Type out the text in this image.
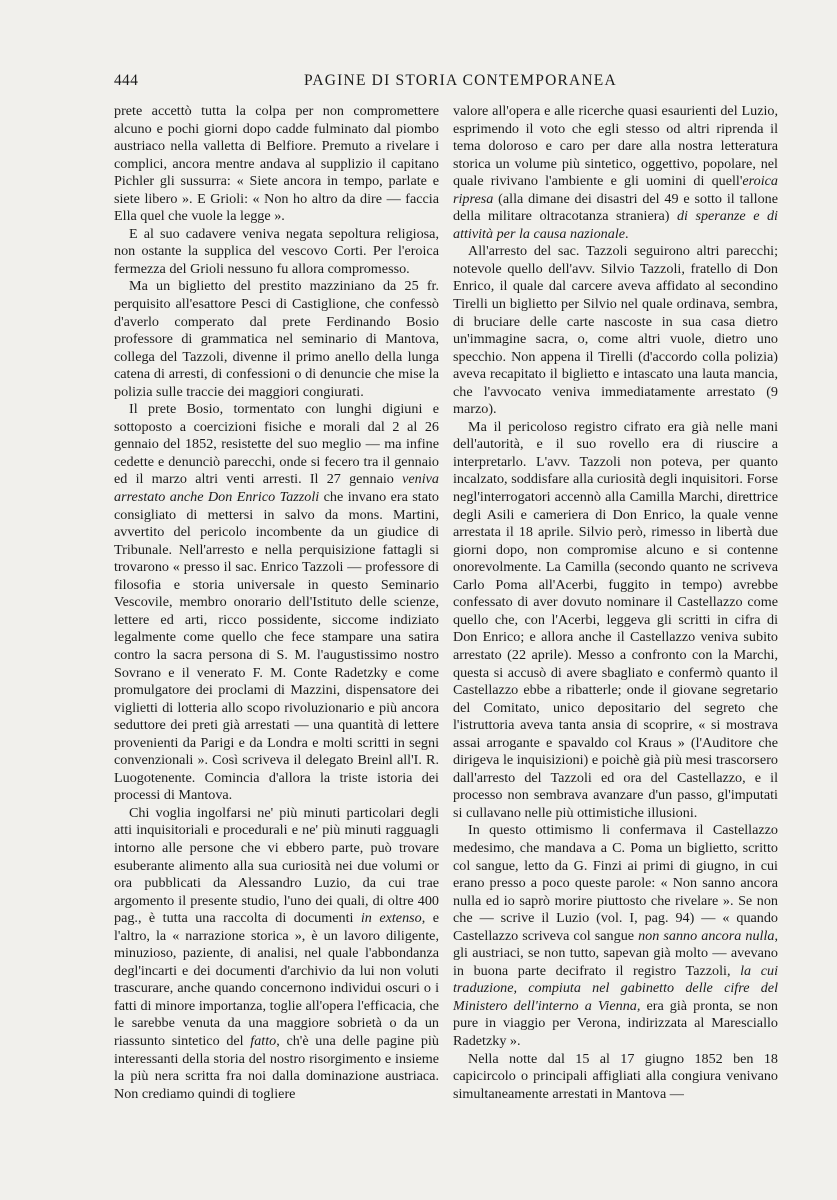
444	PAGINE DI STORIA CONTEMPORANEA

prete accettò tutta la colpa per non compromettere alcuno e pochi giorni dopo cadde fulminato dal piombo austriaco nella valletta di Belfiore. Premuto a rivelare i complici, ancora mentre andava al supplizio il capitano Pichler gli sussurra: « Siete ancora in tempo, parlate e siete libero ». E Grioli: « Non ho altro da dire — faccia Ella quel che vuole la legge ».

E al suo cadavere veniva negata sepoltura religiosa, non ostante la supplica del vescovo Corti. Per l'eroica fermezza del Grioli nessuno fu allora compromesso.

Ma un biglietto del prestito mazziniano da 25 fr. perquisito all'esattore Pesci di Castiglione, che confessò d'averlo comperato dal prete Ferdinando Bosio professore di grammatica nel seminario di Mantova, collega del Tazzoli, divenne il primo anello della lunga catena di arresti, di confessioni o di denuncie che mise la polizia sulle traccie dei maggiori congiurati.

Il prete Bosio, tormentato con lunghi digiuni e sottoposto a coercizioni fisiche e morali dal 2 al 26 gennaio del 1852, resistette del suo meglio — ma infine cedette e denunciò parecchi, onde si fecero tra il gennaio ed il marzo altri venti arresti. Il 27 gennaio veniva arrestato anche Don Enrico Tazzoli che invano era stato consigliato di mettersi in salvo da mons. Martini, avvertito del pericolo incombente da un giudice di Tribunale. Nell'arresto e nella perquisizione fattagli si trovarono « presso il sac. Enrico Tazzoli — professore di filosofia e storia universale in questo Seminario Vescovile, membro onorario dell'Istituto delle scienze, lettere ed arti, ricco possidente, siccome indiziato legalmente come quello che fece stampare una satira contro la sacra persona di S. M. l'augustissimo nostro Sovrano e il venerato F. M. Conte Radetzky e come promulgatore dei proclami di Mazzini, dispensatore dei viglietti di lotteria allo scopo rivoluzionario e più ancora seduttore dei preti già arrestati — una quantità di lettere provenienti da Parigi e da Londra e molti scritti in segni convenzionali ». Così scriveva il delegato Breinl all'I. R. Luogotenente. Comincia d'allora la triste istoria dei processi di Mantova.

Chi voglia ingolfarsi ne' più minuti particolari degli atti inquisitoriali e procedurali e ne' più minuti ragguagli intorno alle persone che vi ebbero parte, può trovare esuberante alimento alla sua curiosità nei due volumi or ora pubblicati da Alessandro Luzio, da cui trae argomento il presente studio, l'uno dei quali, di oltre 400 pag., è tutta una raccolta di documenti in extenso, e l'altro, la « narrazione storica », è un lavoro diligente, minuzioso, paziente, di analisi, nel quale l'abbondanza degl'incarti e dei documenti d'archivio da lui non voluti trascurare, anche quando concernono individui oscuri o i fatti di minore importanza, toglie all'opera l'efficacia, che le sarebbe venuta da una maggiore sobrietà o da un riassunto sintetico del fatto, ch'è una delle pagine più interessanti della storia del nostro risorgimento e insieme la più nera scritta fra noi dalla dominazione austriaca. Non crediamo quindi di togliere

valore all'opera e alle ricerche quasi esaurienti del Luzio, esprimendo il voto che egli stesso od altri riprenda il tema doloroso e caro per dare alla nostra letteratura storica un volume più sintetico, oggettivo, popolare, nel quale rivivano l'ambiente e gli uomini di quell'eroica ripresa (alla dimane dei disastri del 49 e sotto il tallone della militare oltracotanza straniera) di speranze e di attività per la causa nazionale.

All'arresto del sac. Tazzoli seguirono altri parecchi; notevole quello dell'avv. Silvio Tazzoli, fratello di Don Enrico, il quale dal carcere aveva affidato al secondino Tirelli un biglietto per Silvio nel quale ordinava, sembra, di bruciare delle carte nascoste in sua casa dietro un'immagine sacra, o, come altri vuole, dietro uno specchio. Non appena il Tirelli (d'accordo colla polizia) aveva recapitato il biglietto e intascato una lauta mancia, che l'avvocato veniva immediatamente arrestato (9 marzo).

Ma il pericoloso registro cifrato era già nelle mani dell'autorità, e il suo rovello era di riuscire a interpretarlo. L'avv. Tazzoli non poteva, per quanto incalzato, soddisfare alla curiosità degli inquisitori. Forse negl'interrogatori accennò alla Camilla Marchi, direttrice degli Asili e cameriera di Don Enrico, la quale venne arrestata il 18 aprile. Silvio però, rimesso in libertà due giorni dopo, non compromise alcuno e si contenne onorevolmente. La Camilla (secondo quanto ne scriveva Carlo Poma all'Acerbi, fuggito in tempo) avrebbe confessato di aver dovuto nominare il Castellazzo come quello che, con l'Acerbi, leggeva gli scritti in cifra di Don Enrico; e allora anche il Castellazzo veniva subito arrestato (22 aprile). Messo a confronto con la Marchi, questa si accusò di avere sbagliato e confermò quanto il Castellazzo ebbe a ribatterle; onde il giovane segretario del Comitato, unico depositario del segreto che l'istruttoria aveva tanta ansia di scoprire, « si mostrava assai arrogante e spavaldo col Kraus » (l'Auditore che dirigeva le inquisizioni) e poichè già più mesi trascorsero dall'arresto del Tazzoli ed ora del Castellazzo, e il processo non sembrava avanzare d'un passo, gl'imputati si cullavano nelle più ottimistiche illusioni.

In questo ottimismo li confermava il Castellazzo medesimo, che mandava a C. Poma un biglietto, scritto col sangue, letto da G. Finzi ai primi di giugno, in cui erano presso a poco queste parole: « Non sanno ancora nulla ed io saprò morire piuttosto che rivelare ». Se non che — scrive il Luzio (vol. I, pag. 94) — « quando Castellazzo scriveva col sangue non sanno ancora nulla, gli austriaci, se non tutto, sapevan già molto — avevano in buona parte decifrato il registro Tazzoli, la cui traduzione, compiuta nel gabinetto delle cifre del Ministero dell'interno a Vienna, era già pronta, se non pure in viaggio per Verona, indirizzata al Maresciallo Radetzky ».

Nella notte dal 15 al 17 giugno 1852 ben 18 capicircolo o principali affigliati alla congiura venivano simultaneamente arrestati in Mantova —
